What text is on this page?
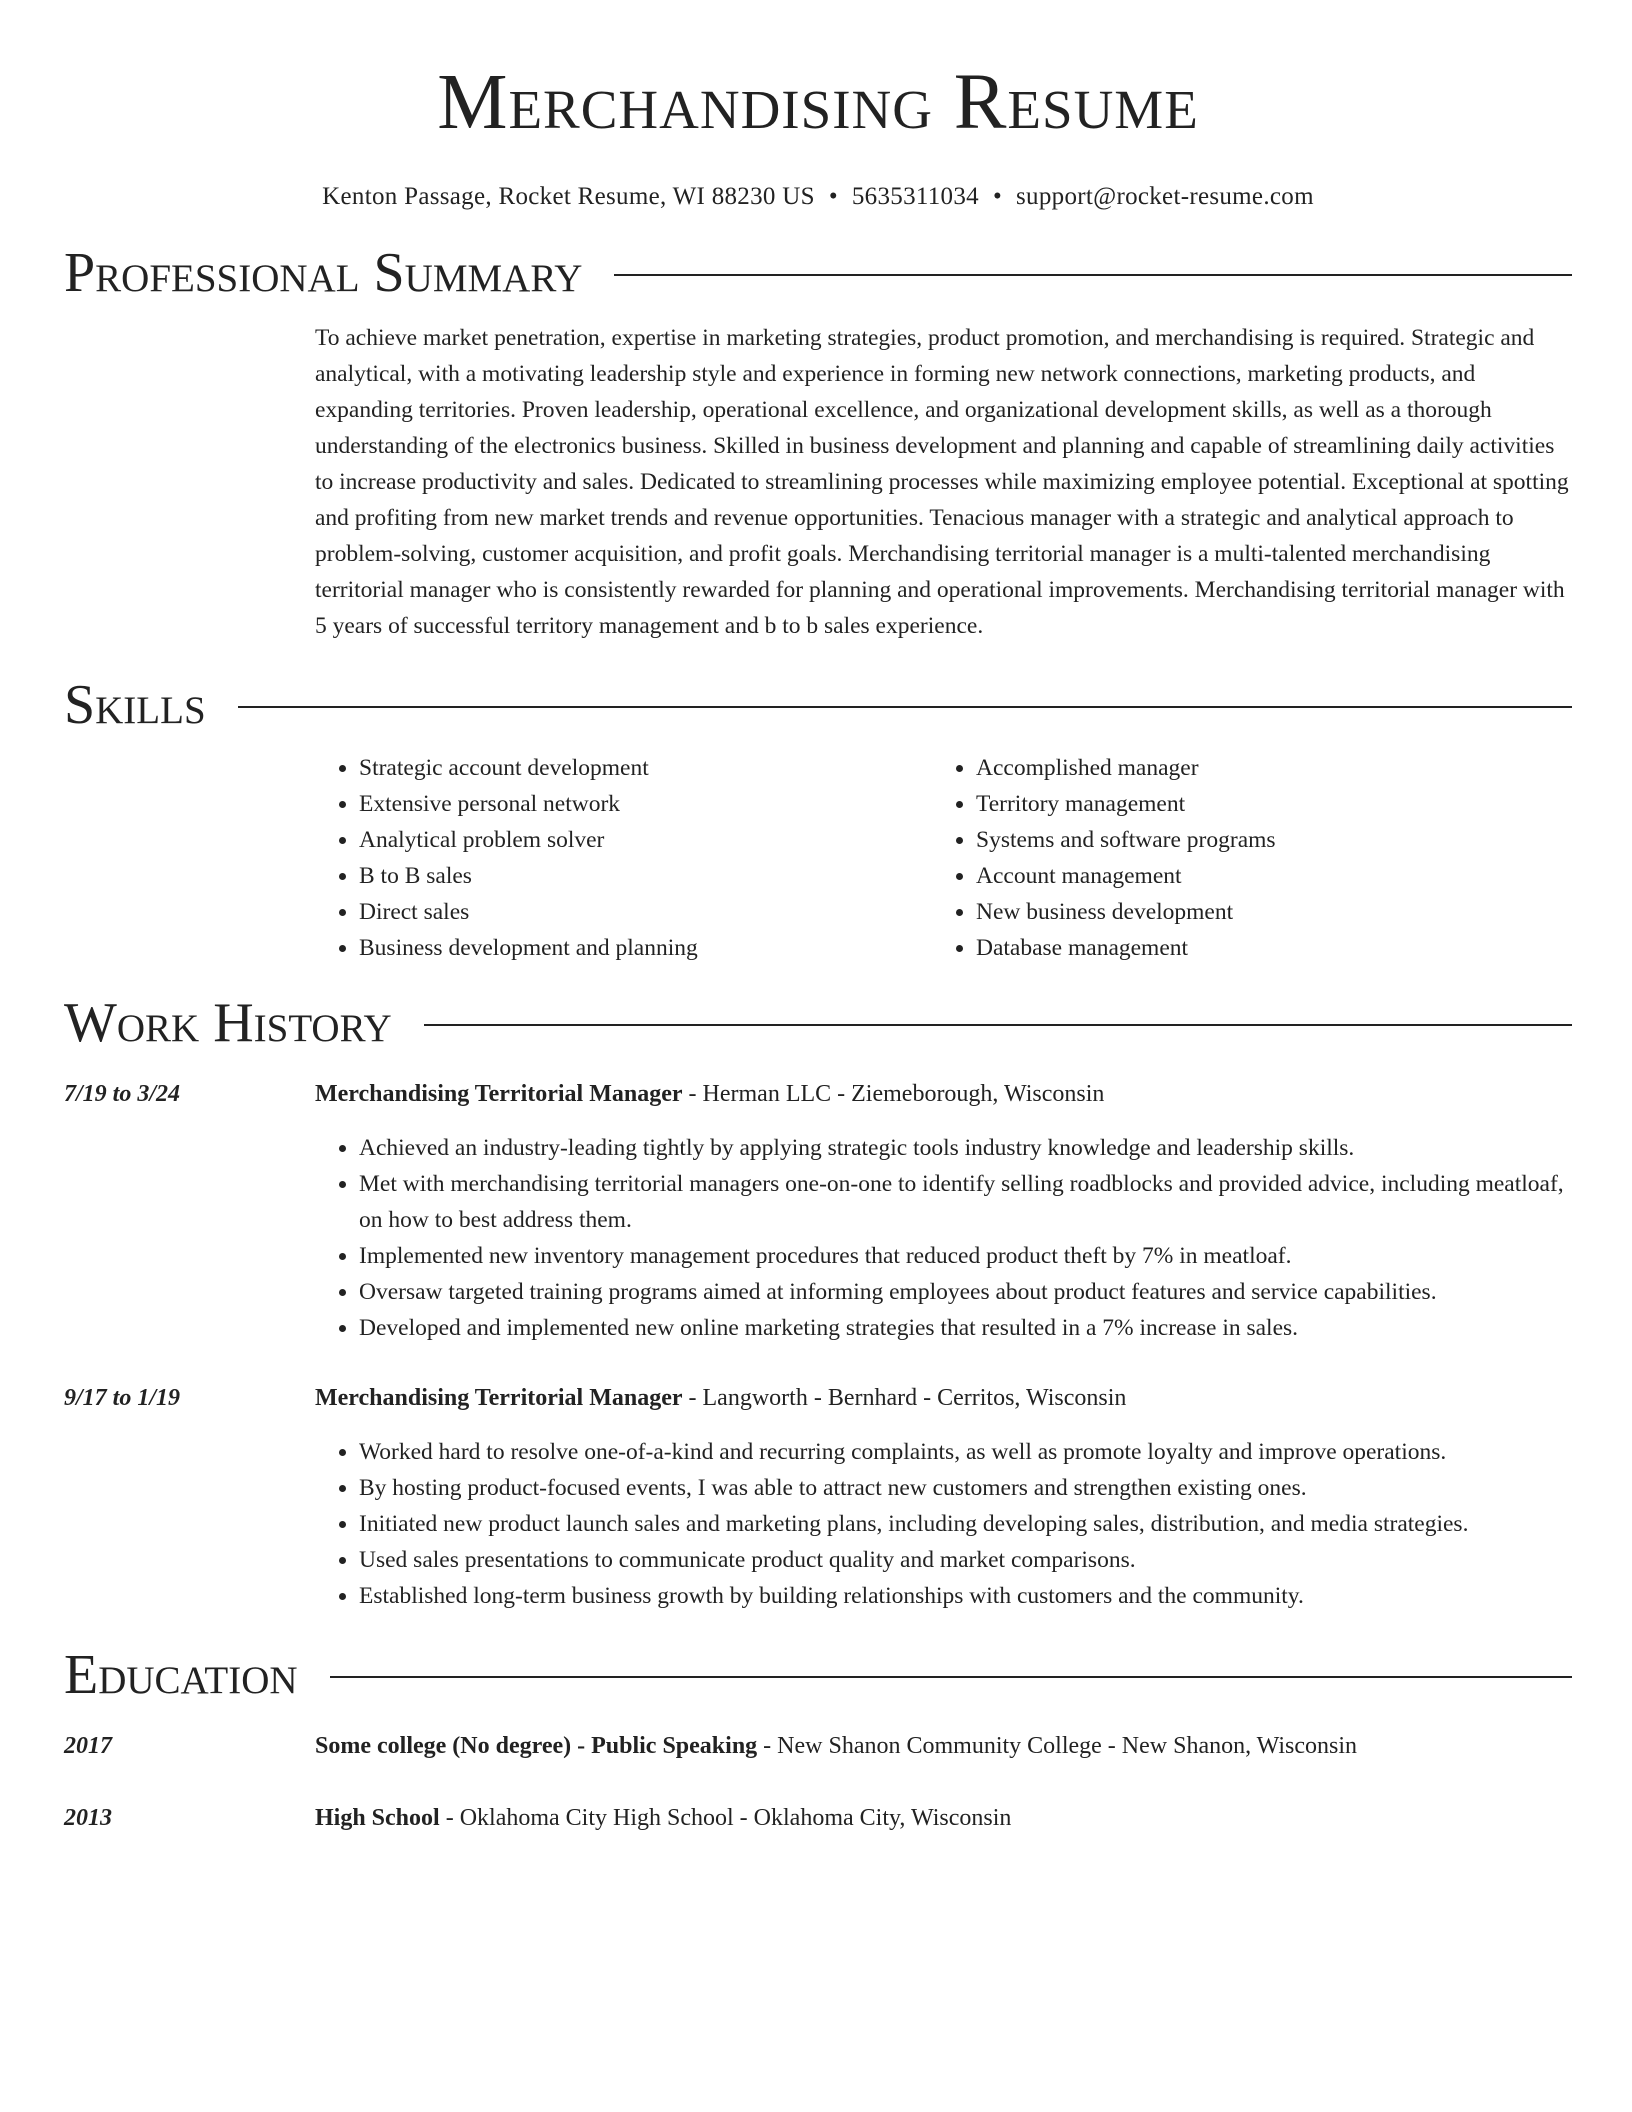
Merchandising Resume
Kenton Passage, Rocket Resume, WI 88230 US • 5635311034 • support@rocket-resume.com
Professional Summary

To achieve market penetration, expertise in marketing strategies, product promotion, and merchandising is required. Strategic and analytical, with a motivating leadership style and experience in forming new network connections, marketing products, and expanding territories. Proven leadership, operational excellence, and organizational development skills, as well as a thorough understanding of the electronics business. Skilled in business development and planning and capable of streamlining daily activities to increase productivity and sales. Dedicated to streamlining processes while maximizing employee potential. Exceptional at spotting and profiting from new market trends and revenue opportunities. Tenacious manager with a strategic and analytical approach to problem-solving, customer acquisition, and profit goals. Merchandising territorial manager is a multi-talented merchandising territorial manager who is consistently rewarded for planning and operational improvements. Merchandising territorial manager with 5 years of successful territory management and b to b sales experience.

Skills
• Strategic account development
• Extensive personal network
• Analytical problem solver
• B to B sales
• Direct sales
• Business development and planning
• Accomplished manager
• Territory management
• Systems and software programs
• Account management
• New business development
• Database management
Work History
7/19 to 3/24	Merchandising Territorial Manager - Herman LLC - Ziemeborough, Wisconsin
• Achieved an industry-leading tightly by applying strategic tools industry knowledge and leadership skills.
• Met with merchandising territorial managers one-on-one to identify selling roadblocks and provided advice, including meatloaf, on how to best address them.
• Implemented new inventory management procedures that reduced product theft by 7% in meatloaf.
• Oversaw targeted training programs aimed at informing employees about product features and service capabilities.
• Developed and implemented new online marketing strategies that resulted in a 7% increase in sales.
9/17 to 1/19	Merchandising Territorial Manager - Langworth - Bernhard - Cerritos, Wisconsin
• Worked hard to resolve one-of-a-kind and recurring complaints, as well as promote loyalty and improve operations.
• By hosting product-focused events, I was able to attract new customers and strengthen existing ones.
• Initiated new product launch sales and marketing plans, including developing sales, distribution, and media strategies.
• Used sales presentations to communicate product quality and market comparisons.
• Established long-term business growth by building relationships with customers and the community.
Education
2017	Some college (No degree) - Public Speaking - New Shanon Community College - New Shanon, Wisconsin
2013	High School - Oklahoma City High School - Oklahoma City, Wisconsin
